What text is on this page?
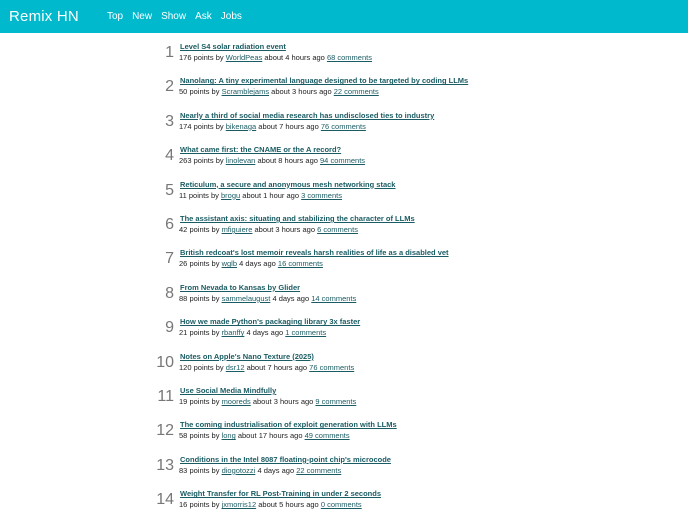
Remix HN	Top New Show Ask Jobs
1 Level S4 solar radiation event
176 points by WorldPeas about 4 hours ago 68 comments
2 Nanolang: A tiny experimental language designed to be targeted by coding LLMs
50 points by Scramblejams about 3 hours ago 22 comments
3 Nearly a third of social media research has undisclosed ties to industry
174 points by bikenaga about 7 hours ago 76 comments
4 What came first: the CNAME or the A record?
263 points by linolevan about 8 hours ago 94 comments
5 Reticulum, a secure and anonymous mesh networking stack
11 points by brogu about 1 hour ago 3 comments
6 The assistant axis: situating and stabilizing the character of LLMs
42 points by mfiguiere about 3 hours ago 6 comments
7 British redcoat's lost memoir reveals harsh realities of life as a disabled vet
26 points by wglb 4 days ago 16 comments
8 From Nevada to Kansas by Glider
88 points by sammelaugust 4 days ago 14 comments
9 How we made Python's packaging library 3x faster
21 points by rbanffy 4 days ago 1 comments
10 Notes on Apple's Nano Texture (2025)
120 points by dsr12 about 7 hours ago 76 comments
11 Use Social Media Mindfully
19 points by mooreds about 3 hours ago 9 comments
12 The coming industrialisation of exploit generation with LLMs
58 points by long about 17 hours ago 49 comments
13 Conditions in the Intel 8087 floating-point chip's microcode
83 points by diogotozzi 4 days ago 22 comments
14 Weight Transfer for RL Post-Training in under 2 seconds
16 points by jxmorris12 about 5 hours ago 0 comments
